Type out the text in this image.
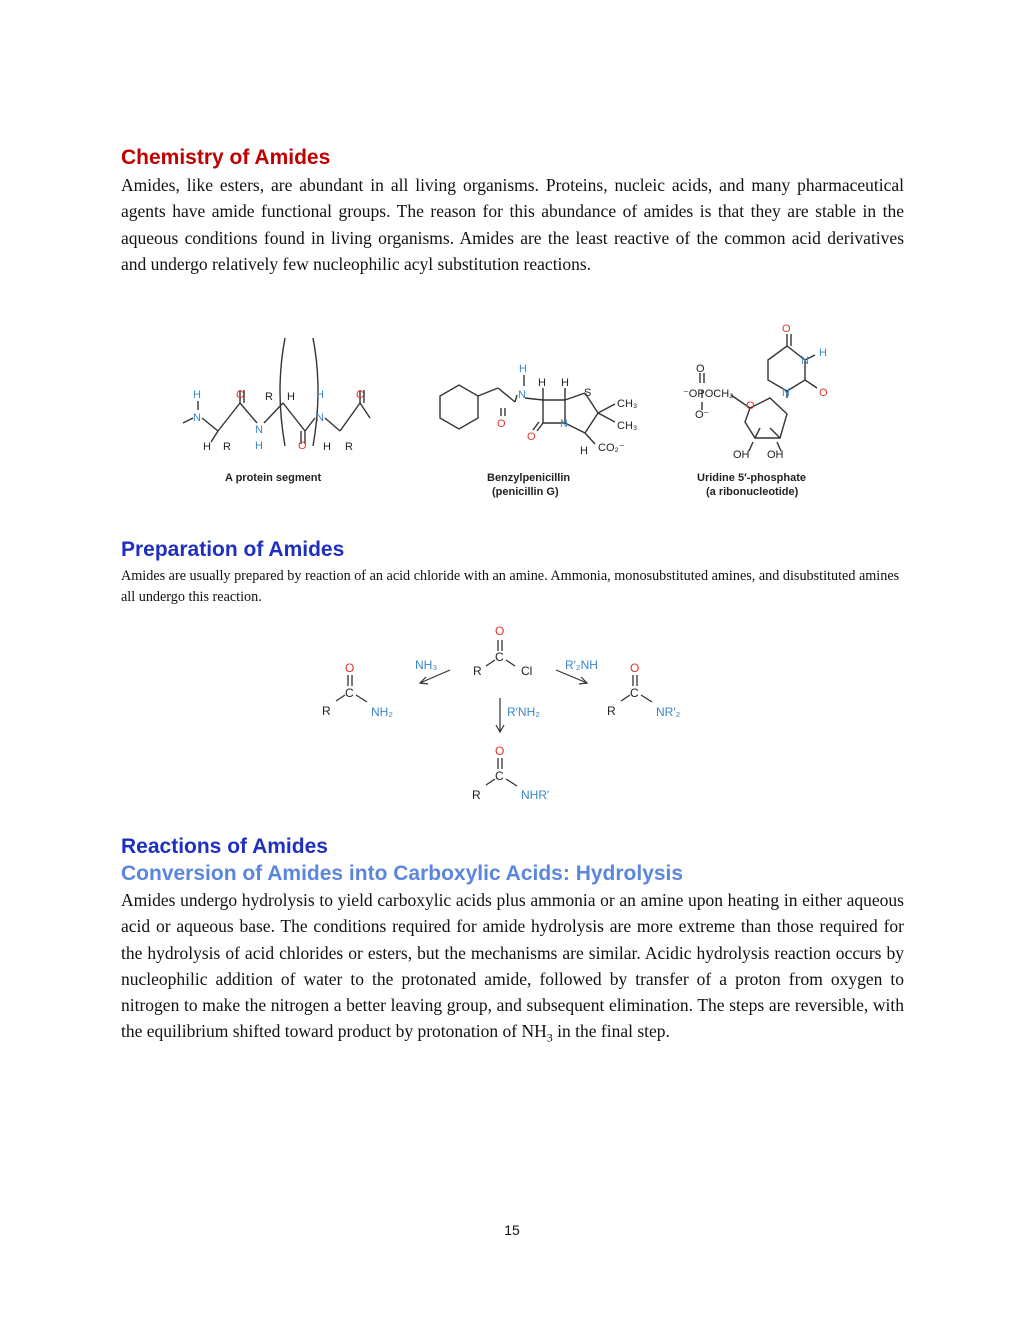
Chemistry of Amides

Amides, like esters, are abundant in all living organisms. Proteins, nucleic acids, and many pharmaceutical agents have amide functional groups. The reason for this abundance of amides is that they are stable in the aqueous conditions found in living organisms. Amides are the least reactive of the common acid derivatives and undergo relatively few nucleophilic acyl substitution reactions.

H
N
O
H R
N
H
R H
O
H
N
H R
O
A protein segment
H
N
O
H H
S
N
O
CH₃
CH₃
H CO₂⁻
Benzylpenicillin
(penicillin G)
O
⁻OPOCH₂
O⁻
O
O
N
H
N	O
OH OH
Uridine 5′-phosphate
(a ribonucleotide)
Preparation of Amides

Amides are usually prepared by reaction of an acid chloride with an amine. Ammonia, monosubstituted amines, and disubstituted amines all undergo this reaction.

O
C
R	Cl
NH₃	R′₂NH
R′NH₂
O
C
R	NH₂
O
C
R	NR′₂
O
C
R	NHR′
Reactions of Amides
Conversion of Amides into Carboxylic Acids: Hydrolysis

Amides undergo hydrolysis to yield carboxylic acids plus ammonia or an amine upon heating in either aqueous acid or aqueous base. The conditions required for amide hydrolysis are more extreme than those required for the hydrolysis of acid chlorides or esters, but the mechanisms are similar. Acidic hydrolysis reaction occurs by nucleophilic addition of water to the protonated amide, followed by transfer of a proton from oxygen to nitrogen to make the nitrogen a better leaving group, and subsequent elimination. The steps are reversible, with the equilibrium shifted toward product by protonation of $NH_3$ in the final step.

15
